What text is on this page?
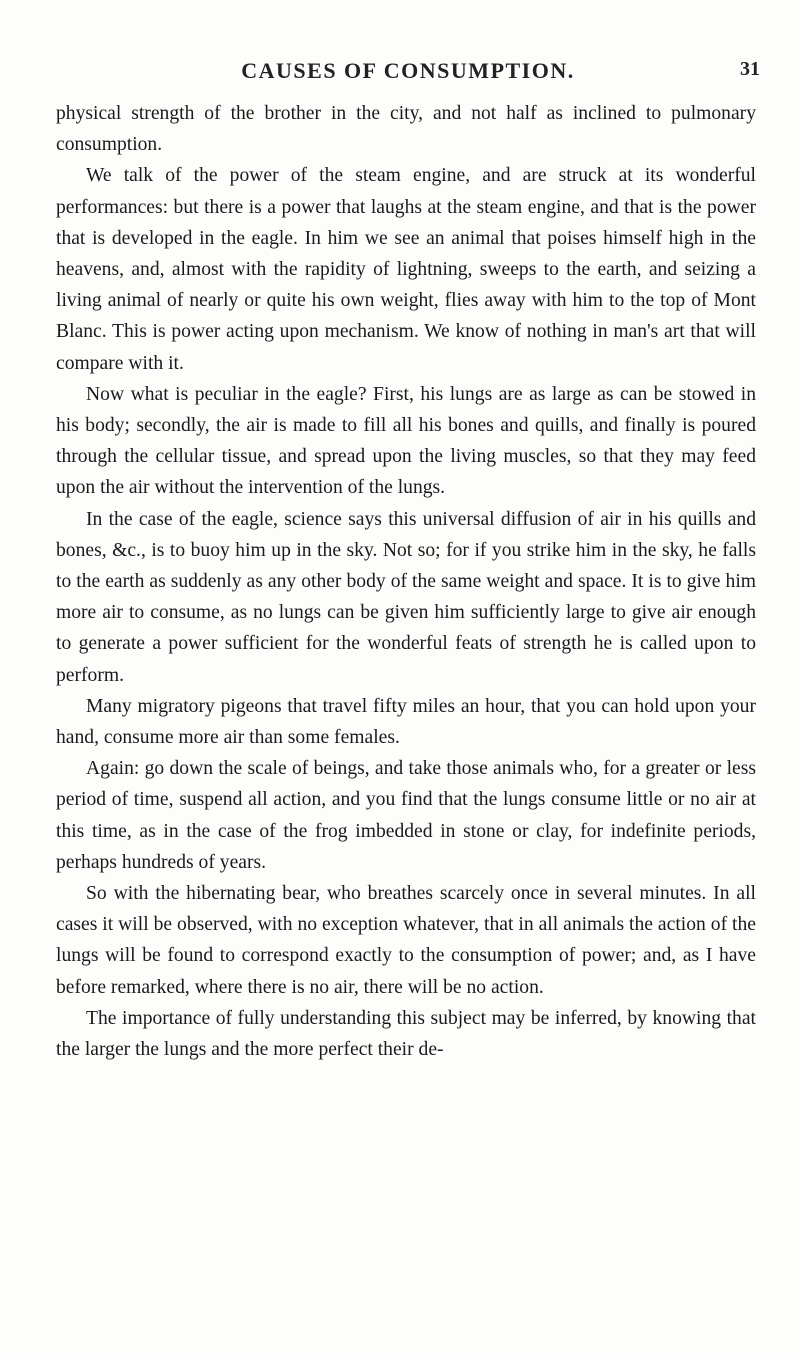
CAUSES OF CONSUMPTION.	31

physical strength of the brother in the city, and not half as inclined to pulmonary consumption.

We talk of the power of the steam engine, and are struck at its wonderful performances: but there is a power that laughs at the steam engine, and that is the power that is developed in the eagle. In him we see an animal that poises himself high in the heavens, and, almost with the rapidity of lightning, sweeps to the earth, and seizing a living animal of nearly or quite his own weight, flies away with him to the top of Mont Blanc. This is power acting upon mechanism. We know of nothing in man's art that will compare with it.

Now what is peculiar in the eagle? First, his lungs are as large as can be stowed in his body; secondly, the air is made to fill all his bones and quills, and finally is poured through the cellular tissue, and spread upon the living muscles, so that they may feed upon the air without the intervention of the lungs.

In the case of the eagle, science says this universal diffusion of air in his quills and bones, &c., is to buoy him up in the sky. Not so; for if you strike him in the sky, he falls to the earth as suddenly as any other body of the same weight and space. It is to give him more air to consume, as no lungs can be given him sufficiently large to give air enough to generate a power sufficient for the wonderful feats of strength he is called upon to perform.

Many migratory pigeons that travel fifty miles an hour, that you can hold upon your hand, consume more air than some females.

Again: go down the scale of beings, and take those animals who, for a greater or less period of time, suspend all action, and you find that the lungs consume little or no air at this time, as in the case of the frog imbedded in stone or clay, for indefinite periods, perhaps hundreds of years.

So with the hibernating bear, who breathes scarcely once in several minutes. In all cases it will be observed, with no exception whatever, that in all animals the action of the lungs will be found to correspond exactly to the consumption of power; and, as I have before remarked, where there is no air, there will be no action.

The importance of fully understanding this subject may be inferred, by knowing that the larger the lungs and the more perfect their de-
